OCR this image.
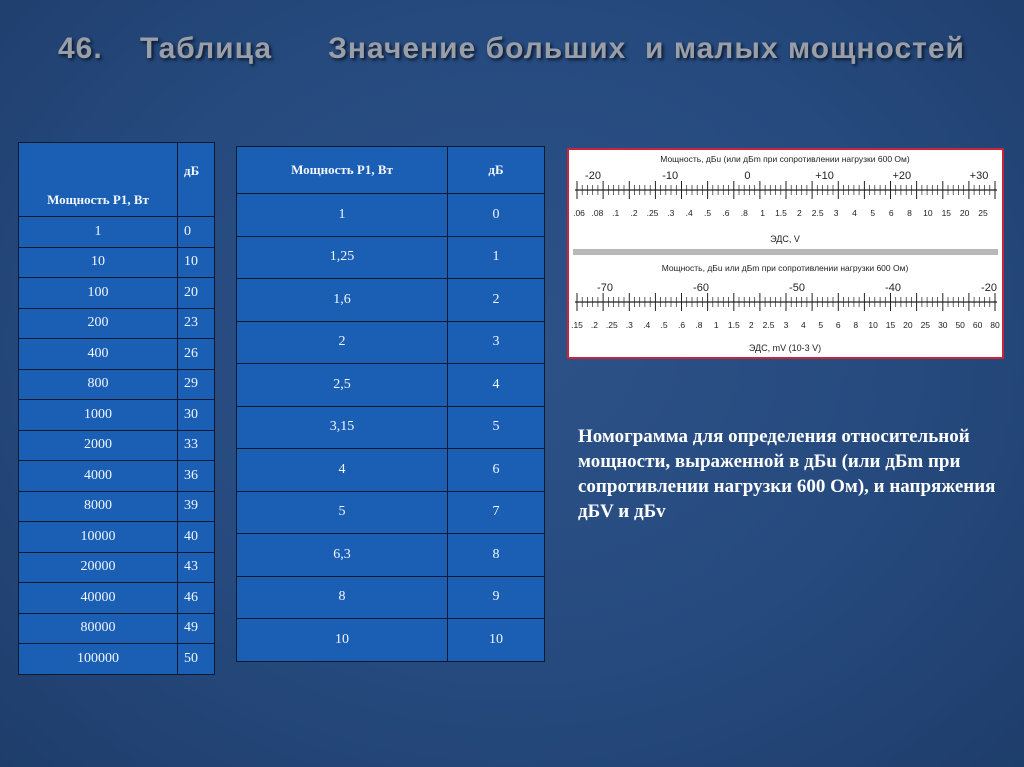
46.    Таблица      Значение больших  и малых мощностей
Мощность P1, Вт	дБ
1	0
10	10
100	20
200	23
400	26
800	29
1000	30
2000	33
4000	36
8000	39
10000	40
20000	43
40000	46
80000	49
100000	50
Мощность P1, Вт	дБ
1	0
1,25	1
1,6	2
2	3
2,5	4
3,15	5
4	6
5	7
6,3	8
8	9
10	10
Мощность, дБu (или дБm при сопротивлении нагрузки 600 Ом)
-20	-10	0	+10	+20	+30
.06 .08 .1 .2 .25 .3 .4 .5 .6 .8 1 1.5 2 2.5 3 4 5 6 8 10 15 20 25
ЭДС, V
Мощность, дБu или дБm при сопротивлении нагрузки 600 Ом)
-70	-60	-50	-40	-20
.15 .2 .25 .3 .4 .5 .6 .8 1 1.5 2 2.5 3 4 5 6 8 10 15 20 25 30 50 60 80
ЭДС, mV (10-3 V)

Номограмма для определения относительной мощности, выраженной в дБu (или дБm при сопротивлении нагрузки 600 Ом), и напряжения дБV и дБv
